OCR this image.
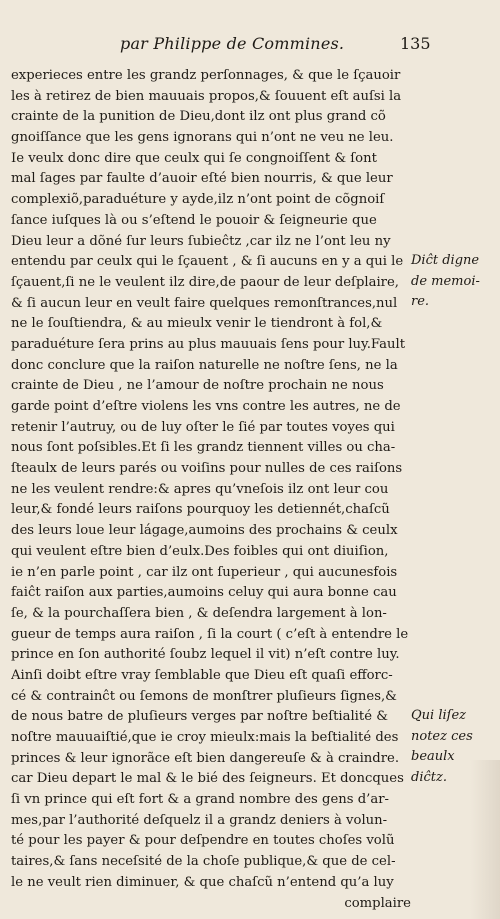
par Philippe de Commines.	135
experieces entre les grandz perſonnages, & que le ſçauoir
les à retirez de bien mauuais propos,& ſouuent eſt auſsi la
crainte de la punition de Dieu,dont ilz ont plus grand cõ
gnoiſſance que les gens ignorans qui n’ont ne veu ne leu.
Ie veulx donc dire que ceulx qui ſe congnoiſſent & ſont
mal ſages par faulte d’auoir eſté bien nourris, & que leur
complexiõ,paraduéture y ayde,ilz n’ont point de cõgnoiſ
ſance iuſques là ou s’eſtend le pouoir & ſeigneurie que
Dieu leur a dõné ſur leurs ſubieĉtz ,car ilz ne l’ont leu ny
entendu par ceulx qui le ſçauent , & ſi aucuns en y a qui le
ſçauent,ſi ne le veulent ilz dire,de paour de leur deſplaire,
& ſi aucun leur en veult faire quelques remonſtrances,nul
ne le ſouſtiendra, & au mieulx venir le tiendront à fol,&
paraduéture ſera prins au plus mauuais ſens pour luy.Fault
donc conclure que la raiſon naturelle ne noſtre ſens, ne la
crainte de Dieu , ne l’amour de noſtre prochain ne nous
garde point d’eſtre violens les vns contre les autres, ne de
retenir l’autruy, ou de luy oſter le ſié par toutes voyes qui
nous ſont poſsibles.Et ſi les grandz tiennent villes ou cha-
ſteaulx de leurs parés ou voiſins pour nulles de ces raiſons
ne les veulent rendre:& apres qu’vneſois ilz ont leur cou
leur,& fondé leurs raiſons pourquoy les detiennét,chaſcũ
des leurs loue leur lágage,aumoins des prochains & ceulx
qui veulent eſtre bien d’eulx.Des foibles qui ont diuiſion,
ie n’en parle point , car ilz ont ſuperieur , qui aucunesfois
faiĉt raiſon aux parties,aumoins celuy qui aura bonne cau
ſe, & la pourchaſſera bien , & deſendra largement à lon-
gueur de temps aura raiſon , ſi la court ( c’eſt à entendre le
prince en ſon authorité ſoubz lequel il vit) n’eſt contre luy.
Ainſi doibt eſtre vray ſemblable que Dieu eſt quaſi efforc-
cé & contrainĉt ou ſemons de monſtrer pluſieurs ſignes,&
de nous batre de pluſieurs verges par noſtre beſtialité &
noſtre mauuaiſtié,que ie croy mieulx:mais la beſtialité des
princes & leur ignorãce eſt bien dangereuſe & à craindre.
car Dieu depart le mal & le bié des ſeigneurs. Et doncques
ſi vn prince qui eſt fort & a grand nombre des gens d’ar-
mes,par l’authorité deſquelz il a grandz deniers à volun-
té pour les payer & pour deſpendre en toutes choſes volũ
taires,& ſans neceſsité de la choſe publique,& que de cel-
le ne veult rien diminuer, & que chaſcũ n’entend qu’a luy
complaire
Diĉt digne
de memoi-
re.
Qui liſez
notez ces
beaulx
diĉtz.
